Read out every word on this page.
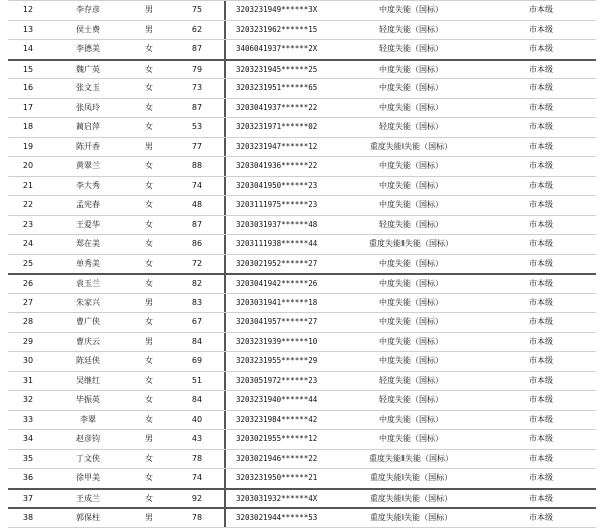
12	李存彦	男	75	3203231949******3X	中度失能（国标）	市本级
13	侯士费	男	62	3203231962******15	轻度失能（国标）	市本级
14	李德美	女	87	3406041937******2X	轻度失能（国标）	市本级
15	魏广英	女	79	3203231945******25	中度失能（国标）	市本级
16	张文玉	女	73	3203231951******65	中度失能（国标）	市本级
17	张凤玲	女	87	3203041937******22	中度失能（国标）	市本级
18	蔺启萍	女	53	3203231971******02	轻度失能（国标）	市本级
19	陈开香	男	77	3203231947******12	重度失能Ⅰ失能（国标）	市本级
20	黄翠兰	女	88	3203041936******22	中度失能（国标）	市本级
21	李大秀	女	74	3203041950******23	中度失能（国标）	市本级
22	孟宪春	女	48	3203111975******23	中度失能（国标）	市本级
23	王爱华	女	87	3203031937******48	轻度失能（国标）	市本级
24	郑在美	女	86	3203111938******44	重度失能Ⅱ失能（国标）	市本级
25	单秀美	女	72	3203021952******27	中度失能（国标）	市本级
26	袁玉兰	女	82	3203041942******26	中度失能（国标）	市本级
27	朱家兴	男	83	3203031941******18	中度失能（国标）	市本级
28	曹广侠	女	67	3203041957******27	中度失能（国标）	市本级
29	曹庆云	男	84	3203231939******10	中度失能（国标）	市本级
30	陈廷侠	女	69	3203231955******29	中度失能（国标）	市本级
31	吴继红	女	51	3203051972******23	轻度失能（国标）	市本级
32	毕振英	女	84	3203231940******44	轻度失能（国标）	市本级
33	李翠	女	40	3203231984******42	中度失能（国标）	市本级
34	赵彦钧	男	43	3203021955******12	中度失能（国标）	市本级
35	丁文侠	女	78	3203021946******22	重度失能Ⅱ失能（国标）	市本级
36	徐甲美	女	74	3203231950******21	重度失能Ⅰ失能（国标）	市本级
37	王成兰	女	92	3203031932******4X	重度失能Ⅰ失能（国标）	市本级
38	郭保柱	男	78	3203021944******53	重度失能Ⅰ失能（国标）	市本级
